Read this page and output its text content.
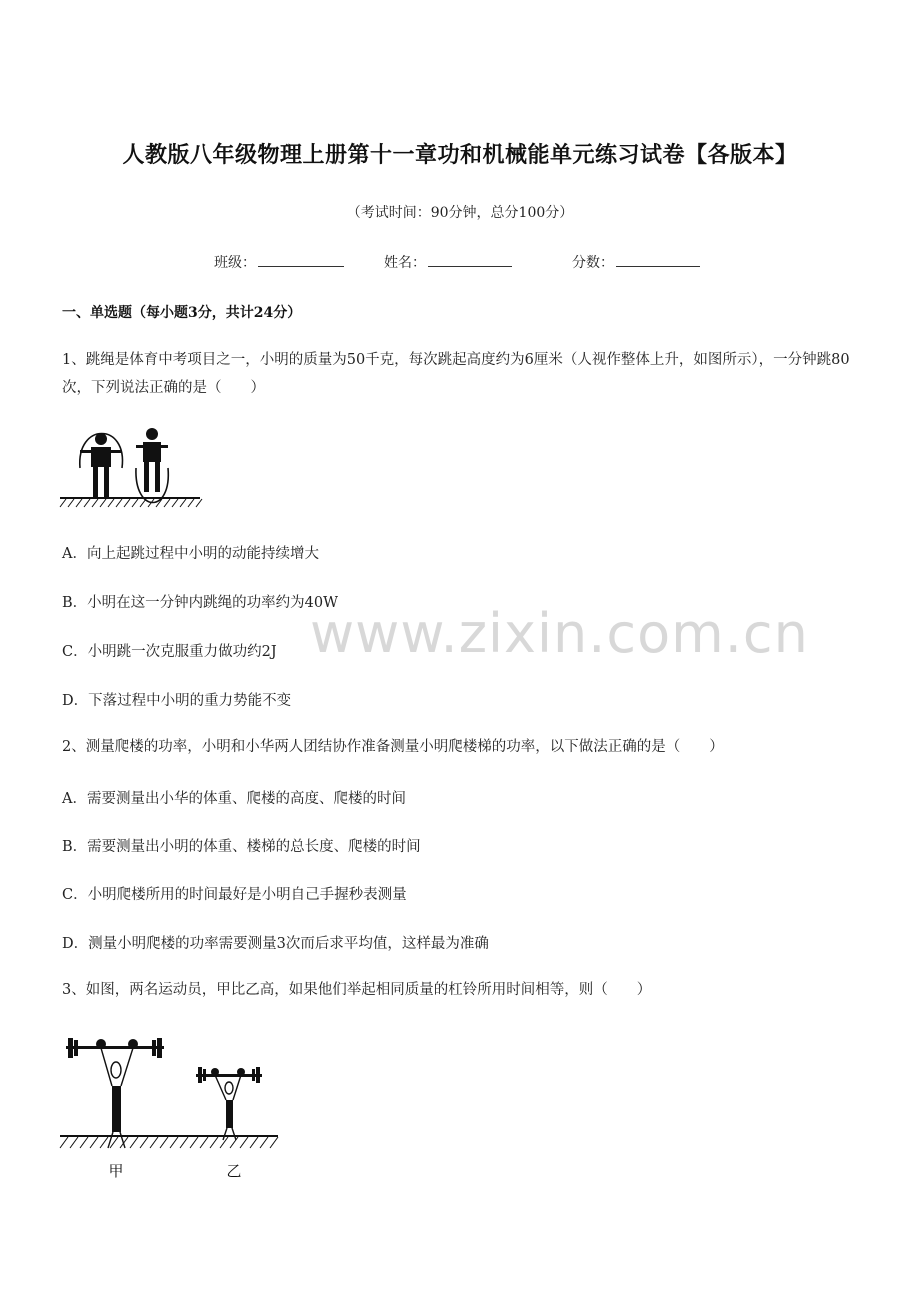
人教版八年级物理上册第十一章功和机械能单元练习试卷【各版本】
（考试时间：90分钟，总分100分）
班级：	姓名：	分数：
一、单选题（每小题3分，共计24分）
1、跳绳是体育中考项目之一，小明的质量为50千克，每次跳起高度约为6厘米（人视作整体上升，如图所示），一分钟跳80次，下列说法正确的是（　　）
A．向上起跳过程中小明的动能持续增大
B．小明在这一分钟内跳绳的功率约为40W
C．小明跳一次克服重力做功约2J
D．下落过程中小明的重力势能不变
www.zixin.com.cn
2、测量爬楼的功率，小明和小华两人团结协作准备测量小明爬楼梯的功率，以下做法正确的是（　　）
A．需要测量出小华的体重、爬楼的高度、爬楼的时间
B．需要测量出小明的体重、楼梯的总长度、爬楼的时间
C．小明爬楼所用的时间最好是小明自己手握秒表测量
D．测量小明爬楼的功率需要测量3次而后求平均值，这样最为准确
3、如图，两名运动员，甲比乙高，如果他们举起相同质量的杠铃所用时间相等，则（　　）
甲	乙
